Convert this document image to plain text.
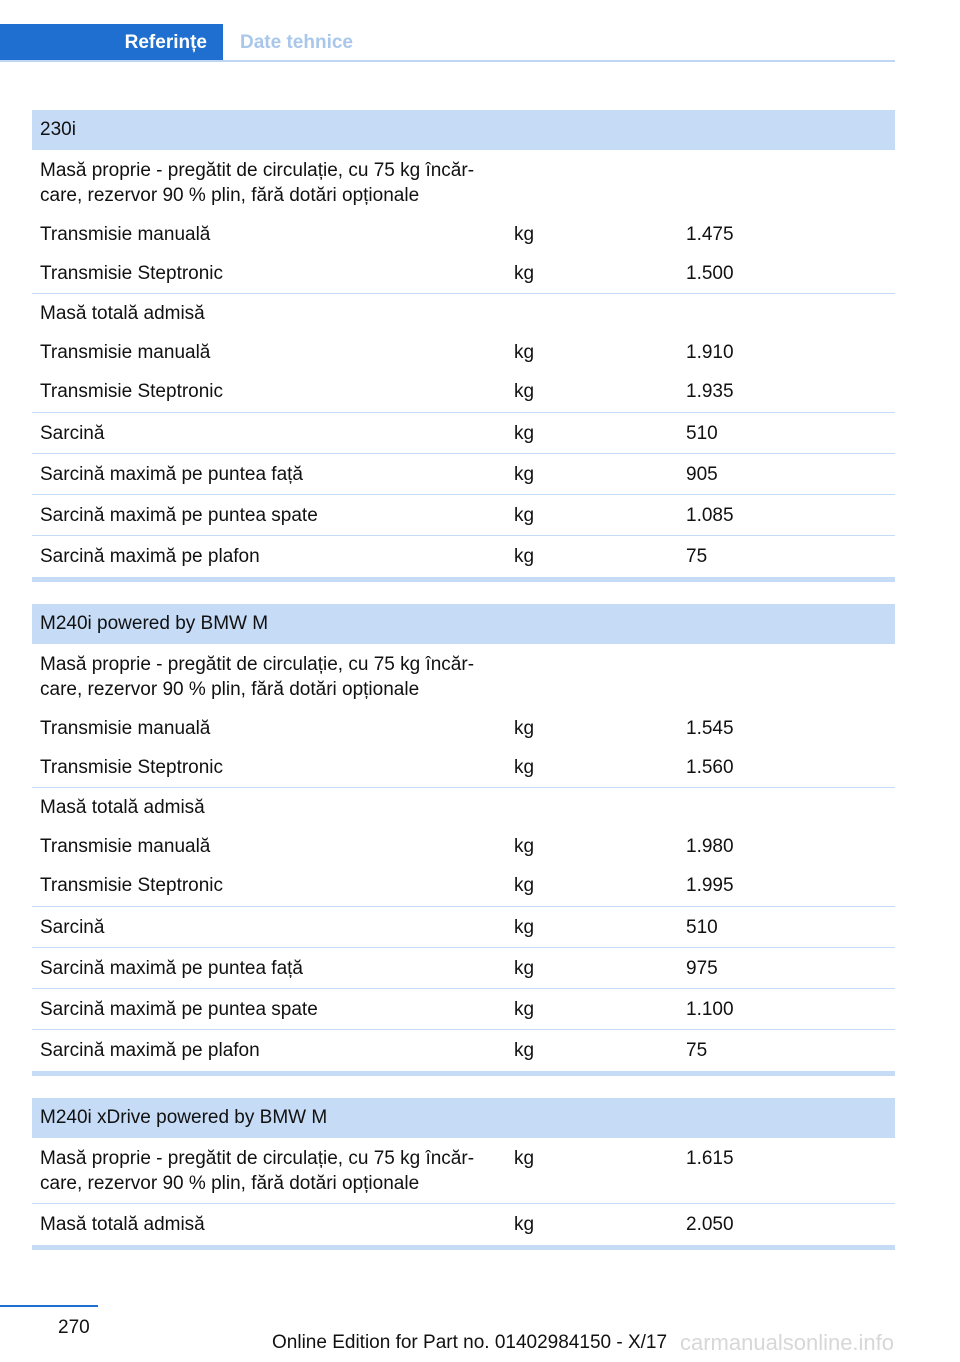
Referințe	Date tehnice
230i
Masă proprie - pregătit de circulație, cu 75 kg încăr-
care, rezervor 90 % plin, fără dotări opționale
Transmisie manuală	kg	1.475
Transmisie Steptronic	kg	1.500
Masă totală admisă
Transmisie manuală	kg	1.910
Transmisie Steptronic	kg	1.935
Sarcină	kg	510
Sarcină maximă pe puntea față	kg	905
Sarcină maximă pe puntea spate	kg	1.085
Sarcină maximă pe plafon	kg	75
M240i powered by BMW M
Masă proprie - pregătit de circulație, cu 75 kg încăr-
care, rezervor 90 % plin, fără dotări opționale
Transmisie manuală	kg	1.545
Transmisie Steptronic	kg	1.560
Masă totală admisă
Transmisie manuală	kg	1.980
Transmisie Steptronic	kg	1.995
Sarcină	kg	510
Sarcină maximă pe puntea față	kg	975
Sarcină maximă pe puntea spate	kg	1.100
Sarcină maximă pe plafon	kg	75
M240i xDrive powered by BMW M
Masă proprie - pregătit de circulație, cu 75 kg încăr-	kg	1.615
care, rezervor 90 % plin, fără dotări opționale
Masă totală admisă	kg	2.050
270
Online Edition for Part no. 01402984150 - X/17 carmanualsonline.info
